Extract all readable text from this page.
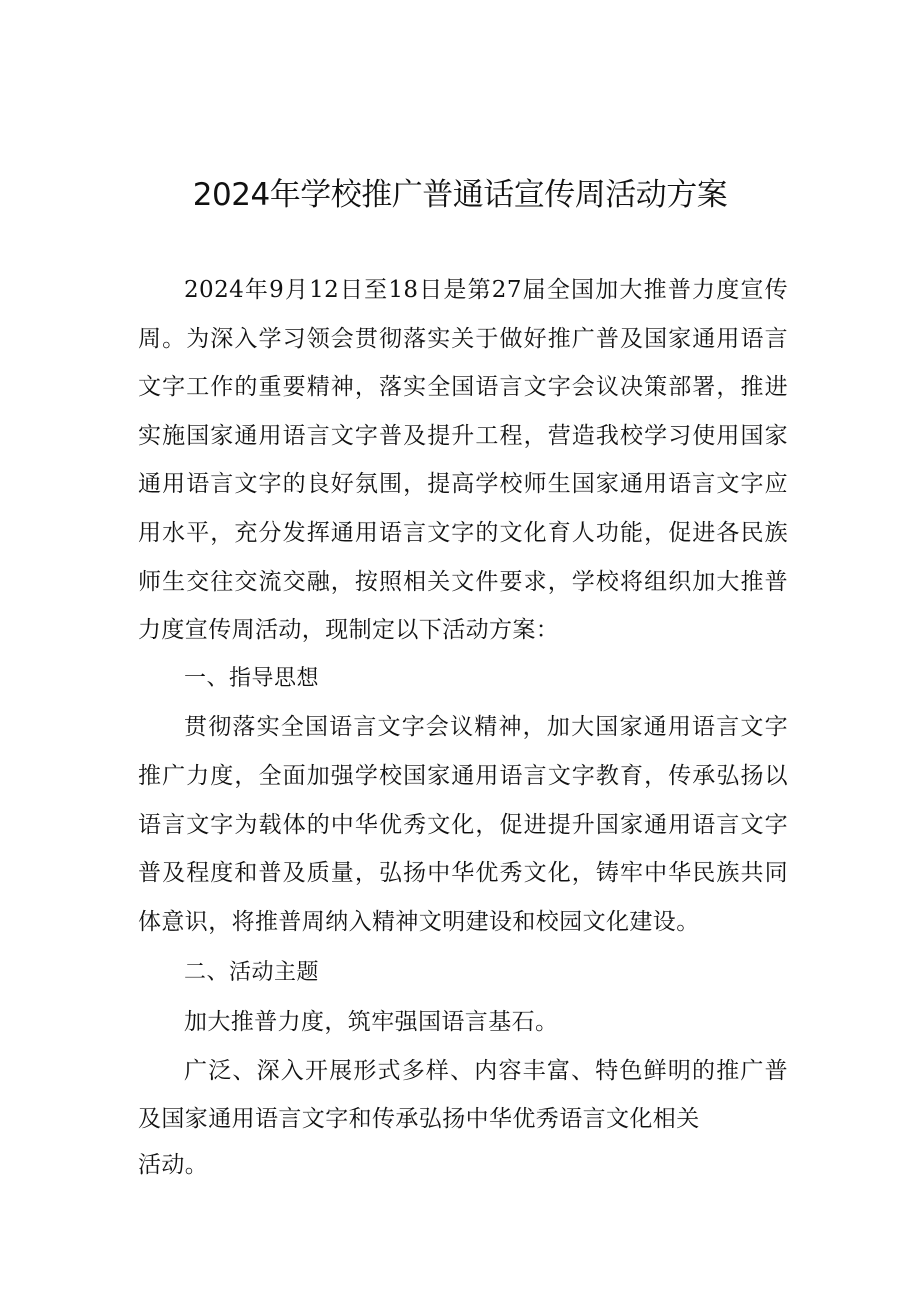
2024年学校推广普通话宣传周活动方案

2024年9月12日至18日是第27届全国加大推普力度宣传周。为深入学习领会贯彻落实关于做好推广普及国家通用语言文字工作的重要精神，落实全国语言文字会议决策部署，推进实施国家通用语言文字普及提升工程，营造我校学习使用国家通用语言文字的良好氛围，提高学校师生国家通用语言文字应用水平，充分发挥通用语言文字的文化育人功能，促进各民族师生交往交流交融，按照相关文件要求，学校将组织加大推普力度宣传周活动，现制定以下活动方案：

一、指导思想

贯彻落实全国语言文字会议精神，加大国家通用语言文字推广力度，全面加强学校国家通用语言文字教育，传承弘扬以语言文字为载体的中华优秀文化，促进提升国家通用语言文字普及程度和普及质量，弘扬中华优秀文化，铸牢中华民族共同体意识，将推普周纳入精神文明建设和校园文化建设。

二、活动主题

加大推普力度，筑牢强国语言基石。

广泛、深入开展形式多样、内容丰富、特色鲜明的推广普及国家通用语言文字和传承弘扬中华优秀语言文化相关

活动。
